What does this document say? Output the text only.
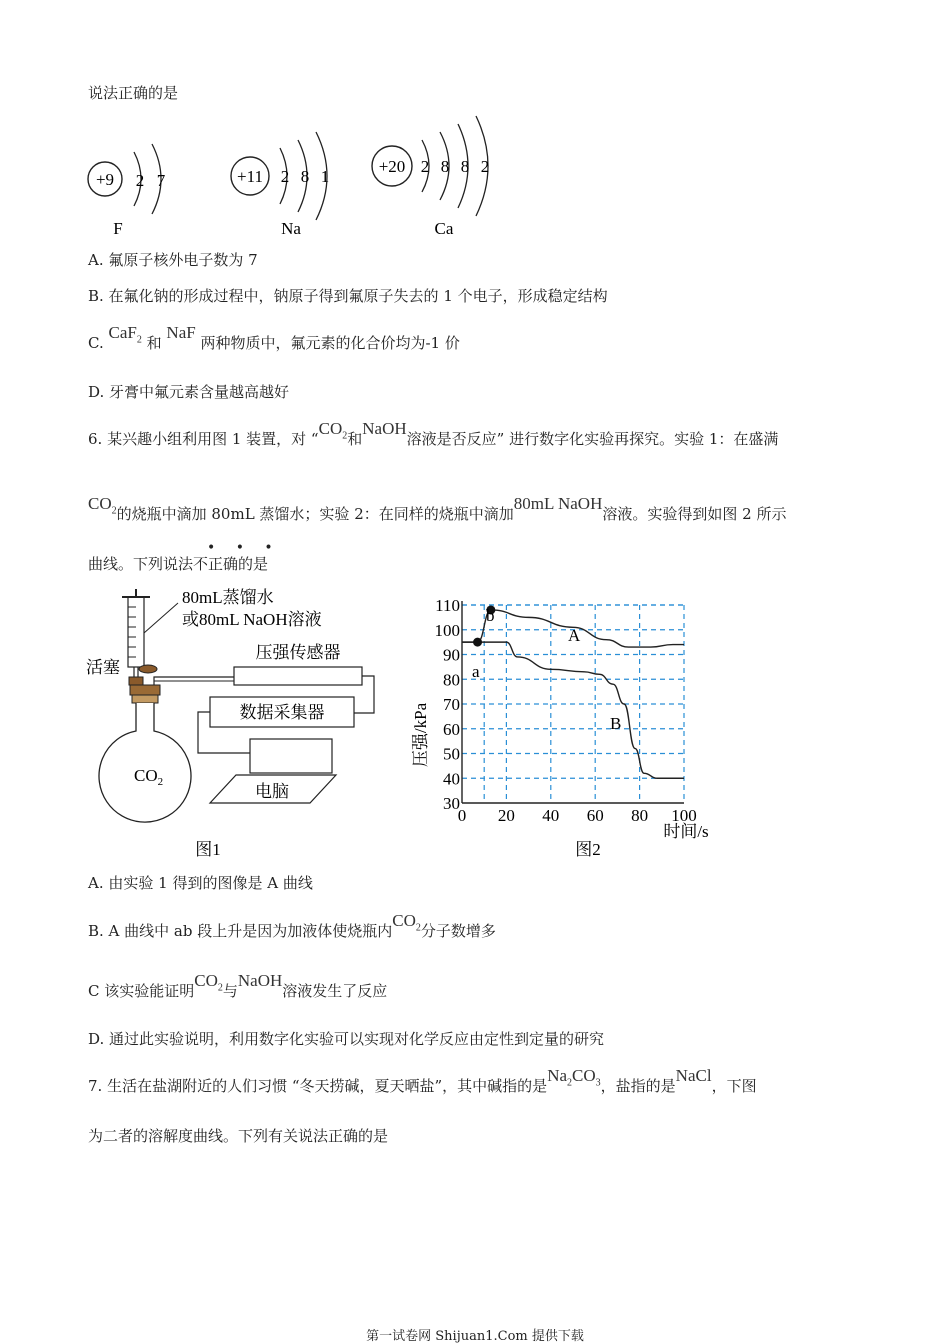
说法正确的是
+9 2 7
F
+11 2 8 1
Na
+20 2 8 8 2
Ca
A. 氟原子核外电子数为 7
B. 在氟化钠的形成过程中，钠原子得到氟原子失去的 1 个电子，形成稳定结构
C. CaF$_2$ 和 NaF 两种物质中，氟元素的化合价均为-1 价
D. 牙膏中氟元素含量越高越好
6. 某兴趣小组利用图 1 装置，对 “$CO_2$和NaOH溶液是否反应” 进行数字化实验再探究。实验 1：在盛满
$CO_2$的烧瓶中滴加 80mL 蒸馏水；实验 2：在同样的烧瓶中滴加80mL NaOH溶液。实验得到如图 2 所示
• • •
曲线。下列说法不正确的是
80mL蒸馏水
或80mL NaOH溶液
活塞
$CO_2$
压强传感器
数据采集器
电脑
图1
0 20 40 60 80 100
30
40
50
60
70
80
90
100
110
压强/kPa
时间/s
A
B
a
b
图2
A. 由实验 1 得到的图像是 A 曲线
B. A 曲线中 ab 段上升是因为加液体使烧瓶内$CO_2$分子数增多
C 该实验能证明$CO_2$与NaOH溶液发生了反应
D. 通过此实验说明，利用数字化实验可以实现对化学反应由定性到定量的研究
7. 生活在盐湖附近的人们习惯 “冬天捞碱，夏天晒盐”，其中碱指的是$Na_2CO_3$，盐指的是NaCl，下图
为二者的溶解度曲线。下列有关说法正确的是
第一试卷网 Shijuan1.Com 提供下载
